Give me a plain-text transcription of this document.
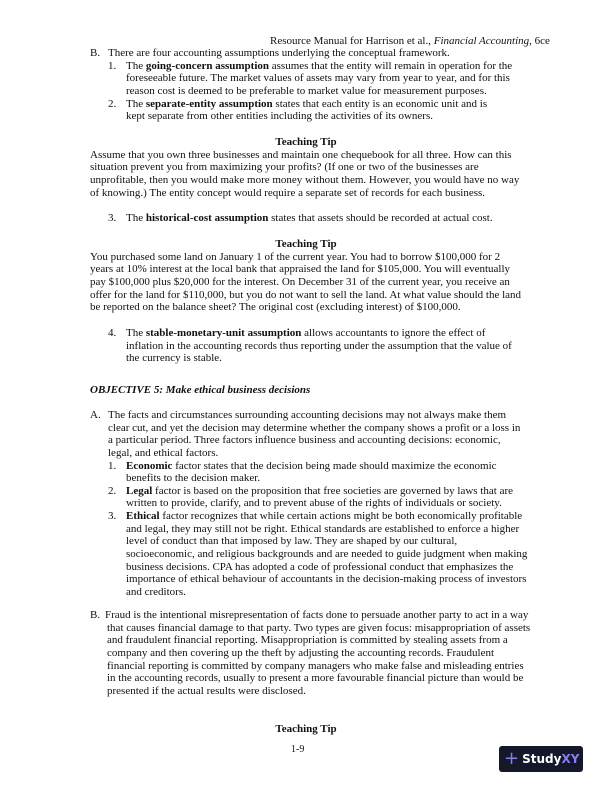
Resource Manual for Harrison et al., Financial Accounting, 6ce
B. There are four accounting assumptions underlying the conceptual framework.
1. The going-concern assumption assumes that the entity will remain in operation for the
foreseeable future. The market values of assets may vary from year to year, and for this
reason cost is deemed to be preferable to market value for measurement purposes.
2. The separate-entity assumption states that each entity is an economic unit and is
kept separate from other entities including the activities of its owners.
Teaching Tip
Assume that you own three businesses and maintain one chequebook for all three. How can this
situation prevent you from maximizing your profits? (If one or two of the businesses are
unprofitable, then you would make more money without them. However, you would have no way
of knowing.) The entity concept would require a separate set of records for each business.
3. The historical-cost assumption states that assets should be recorded at actual cost.
Teaching Tip
You purchased some land on January 1 of the current year. You had to borrow $100,000 for 2
years at 10% interest at the local bank that appraised the land for $105,000. You will eventually
pay $100,000 plus $20,000 for the interest. On December 31 of the current year, you receive an
offer for the land for $110,000, but you do not want to sell the land. At what value should the land
be reported on the balance sheet? The original cost (excluding interest) of $100,000.
4. The stable-monetary-unit assumption allows accountants to ignore the effect of
inflation in the accounting records thus reporting under the assumption that the value of
the currency is stable.
OBJECTIVE 5: Make ethical business decisions
A. The facts and circumstances surrounding accounting decisions may not always make them
clear cut, and yet the decision may determine whether the company shows a profit or a loss in
a particular period. Three factors influence business and accounting decisions: economic,
legal, and ethical factors.
1. Economic factor states that the decision being made should maximize the economic
benefits to the decision maker.
2. Legal factor is based on the proposition that free societies are governed by laws that are
written to provide, clarify, and to prevent abuse of the rights of individuals or society.
3. Ethical factor recognizes that while certain actions might be both economically profitable
and legal, they may still not be right. Ethical standards are established to enforce a higher
level of conduct than that imposed by law. They are shaped by our cultural,
socioeconomic, and religious backgrounds and are needed to guide judgment when making
business decisions. CPA has adopted a code of professional conduct that emphasizes the
importance of ethical behaviour of accountants in the decision-making process of investors
and creditors.
B. Fraud is the intentional misrepresentation of facts done to persuade another party to act in a way
that causes financial damage to that party. Two types are given focus: misappropriation of assets
and fraudulent financial reporting. Misappropriation is committed by stealing assets from a
company and then covering up the theft by adjusting the accounting records. Fraudulent
financial reporting is committed by company managers who make false and misleading entries
in the accounting records, usually to present a more favourable financial picture than would be
presented if the actual results were disclosed.
Teaching Tip
1-9	+ Study XY
